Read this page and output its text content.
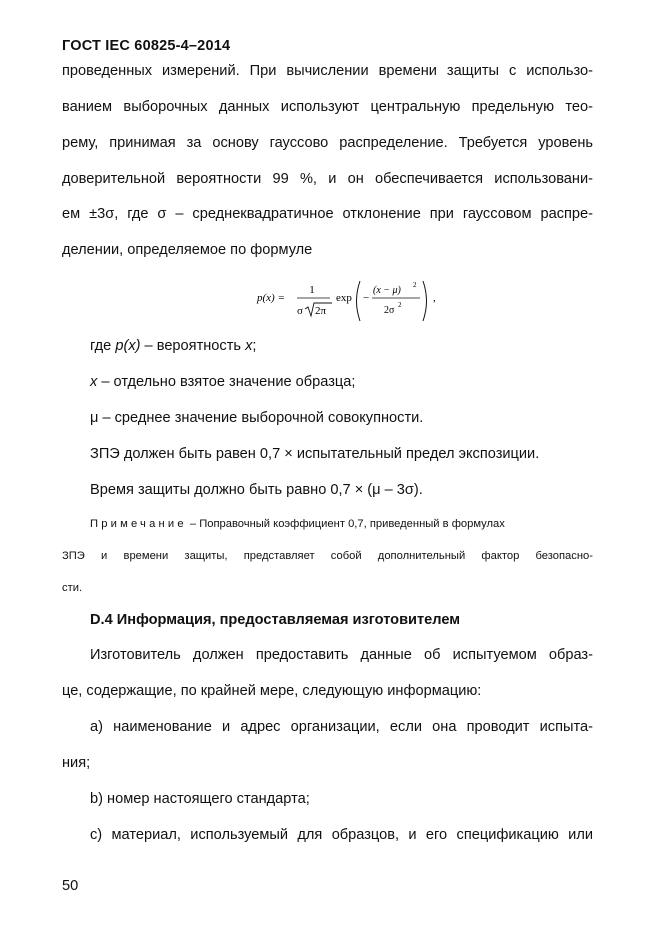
ГОСТ IEC 60825-4–2014
проведенных измерений. При вычислении времени защиты с использо-
ванием выборочных данных используют центральную предельную тео-
рему, принимая за основу гауссово распределение. Требуется уровень
доверительной вероятности 99 %, и он обеспечивается использовани-
ем ±3σ, где σ – среднеквадратичное отклонение при гауссовом распре-
делении, определяемое по формуле
p(x) =
1
σ 2π
exp −
(x − μ) 2
2σ 2
,
где p(x) – вероятность x;
x – отдельно взятое значение образца;
μ – среднее значение выборочной совокупности.
ЗПЭ должен быть равен 0,7 × испытательный предел экспозиции.
Время защиты должно быть равно 0,7 × (μ – 3σ).
Примечание – Поправочный коэффициент 0,7, приведенный в формулах
ЗПЭ и времени защиты, представляет собой дополнительный фактор безопасно-
сти.
D.4 Информация, предоставляемая изготовителем
Изготовитель должен предоставить данные об испытуемом образ-
це, содержащие, по крайней мере, следующую информацию:
a) наименование и адрес организации, если она проводит испыта-
ния;
b) номер настоящего стандарта;
c) материал, используемый для образцов, и его спецификацию или
50
